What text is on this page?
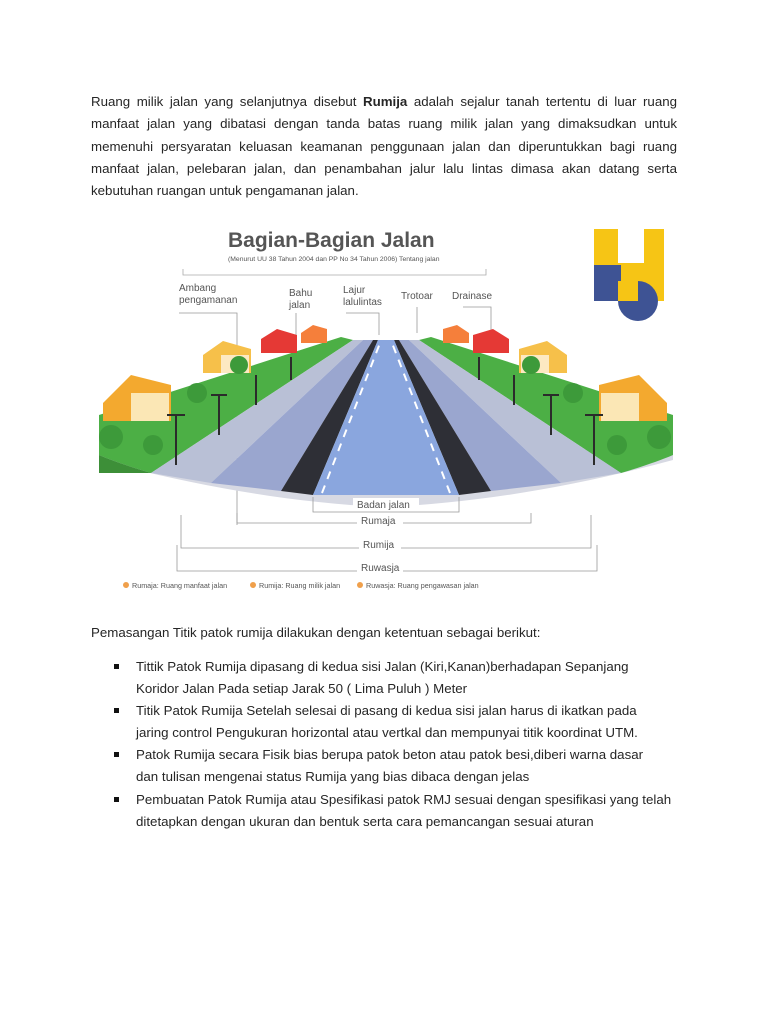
Ruang milik jalan yang selanjutnya disebut Rumija adalah sejalur tanah tertentu di luar ruang manfaat jalan yang dibatasi dengan tanda batas ruang milik jalan yang dimaksudkan untuk memenuhi persyaratan keluasan keamanan penggunaan jalan dan diperuntukkan bagi ruang manfaat jalan, pelebaran jalan, dan penambahan jalur lalu lintas dimasa akan datang serta kebutuhan ruangan untuk pengamanan jalan.

Bagian-Bagian Jalan
(Menurut UU 38 Tahun 2004 dan PP No 34 Tahun 2006) Tentang jalan
Ambang
pengamanan
Bahu
jalan
Lajur
lalulintas
Trotoar Drainase
Badan jalan
Rumaja
Rumija
Ruwasja
Rumaja: Ruang manfaat jalan	Rumija: Ruang milik jalan	Ruwasja: Ruang pengawasan jalan

Pemasangan Titik patok rumija dilakukan dengan ketentuan sebagai berikut:

Tittik Patok Rumija dipasang di kedua sisi Jalan (Kiri,Kanan)berhadapan Sepanjang
Koridor Jalan Pada setiap Jarak 50 ( Lima Puluh ) Meter
Titik Patok Rumija Setelah selesai di pasang di kedua sisi jalan harus di ikatkan pada
jaring control Pengukuran horizontal atau vertkal dan mempunyai titik koordinat UTM.
Patok Rumija secara Fisik bias berupa patok beton atau patok besi,diberi warna dasar
dan tulisan mengenai status Rumija yang bias dibaca dengan jelas
Pembuatan Patok Rumija atau Spesifikasi patok RMJ sesuai dengan spesifikasi yang telah
ditetapkan dengan ukuran dan bentuk serta cara pemancangan sesuai aturan
